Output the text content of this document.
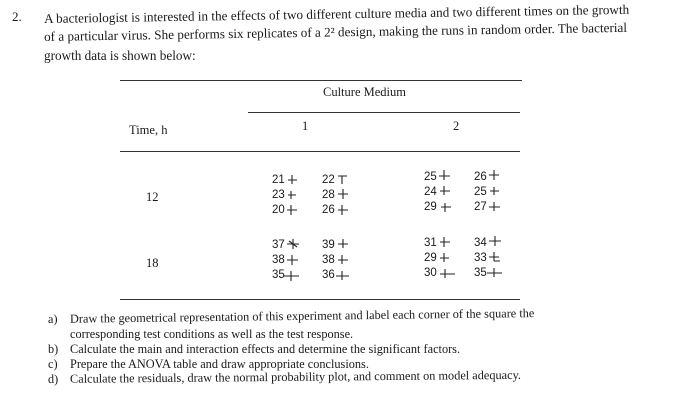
2. A bacteriologist is interested in the effects of two different culture media and two different times on the growth
of a particular virus. She performs six replicates of a 2² design, making the runs in random order. The bacterial
growth data is shown below:
Culture Medium
Time, h	1	2
12
21
23
20
22
28
26
25
24
29
26
25
27
18
37
38
35
39
38
36
31
29
30
34
33
35
a) Draw the geometrical representation of this experiment and label each corner of the square the
corresponding test conditions as well as the test response.
b) Calculate the main and interaction effects and determine the significant factors.
c) Prepare the ANOVA table and draw appropriate conclusions.
d) Calculate the residuals, draw the normal probability plot, and comment on model adequacy.
